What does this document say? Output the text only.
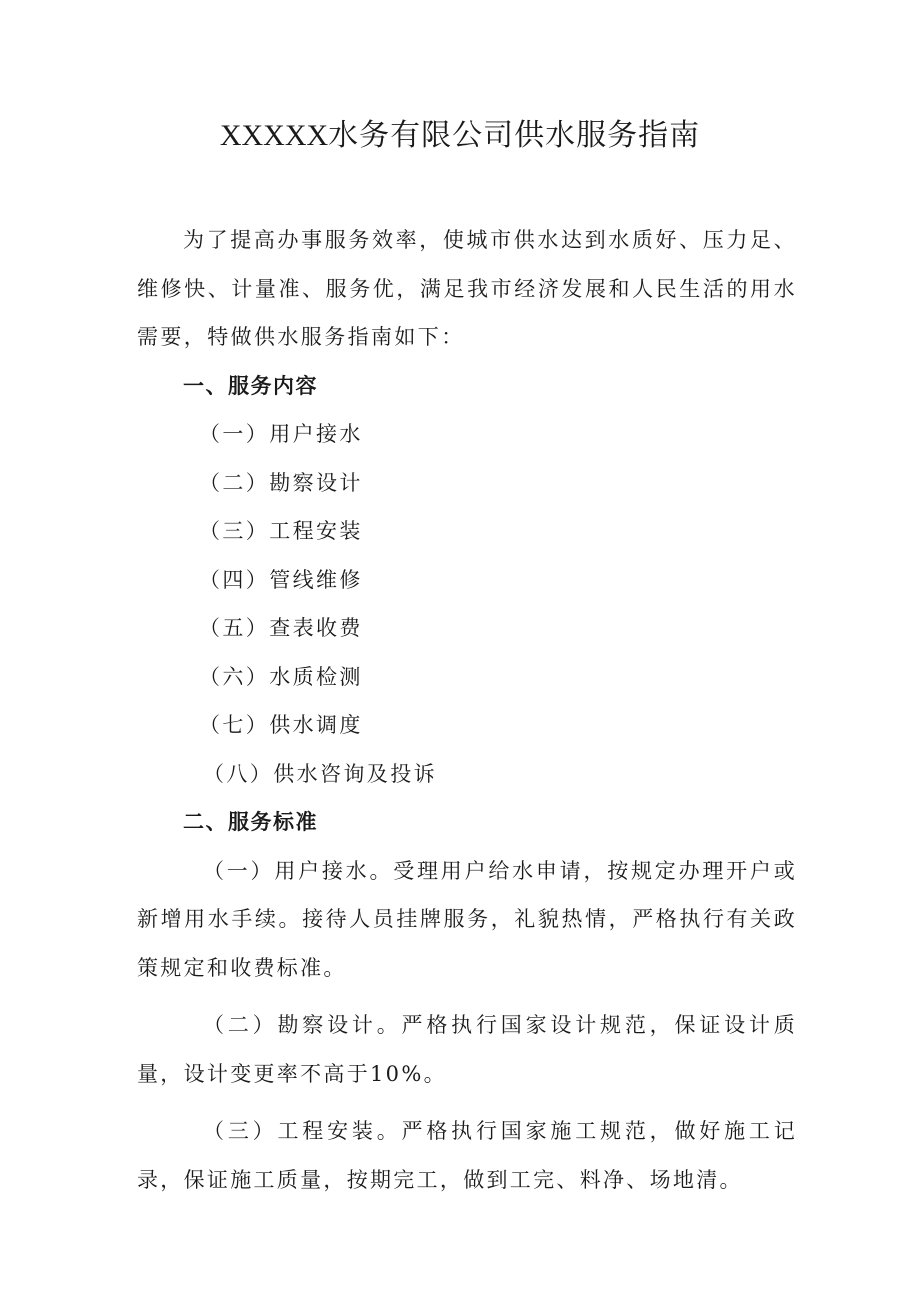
XXXXX水务有限公司供水服务指南

为了提高办事服务效率，使城市供水达到水质好、压力足、维修快、计量准、服务优，满足我市经济发展和人民生活的用水需要，特做供水服务指南如下：

一、服务内容
（一）用户接水
（二）勘察设计
（三）工程安装
（四）管线维修
（五）查表收费
（六）水质检测
（七）供水调度
（八）供水咨询及投诉
二、服务标准

（一）用户接水。受理用户给水申请，按规定办理开户或新增用水手续。接待人员挂牌服务，礼貌热情，严格执行有关政策规定和收费标准。

（二）勘察设计。严格执行国家设计规范，保证设计质量，设计变更率不高于10%。

（三）工程安装。严格执行国家施工规范，做好施工记录，保证施工质量，按期完工，做到工完、料净、场地清。
